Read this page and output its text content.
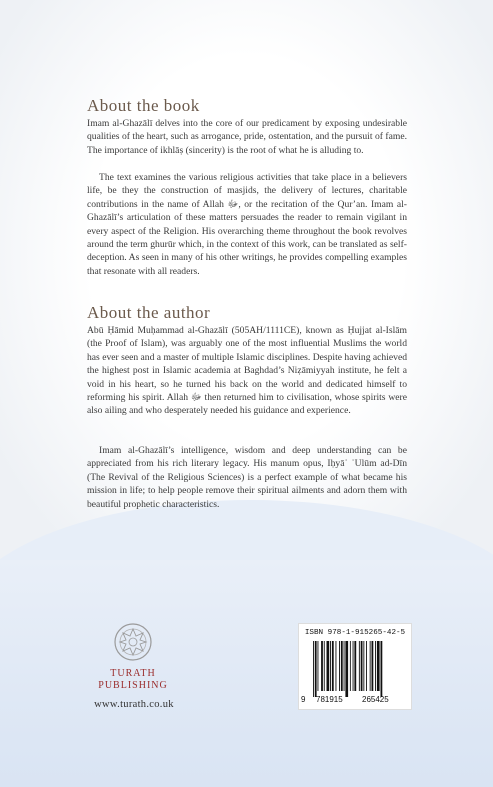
About the book

Imam al-Ghazālī delves into the core of our predicament by exposing undesirable qualities of the heart, such as arrogance, pride, ostentation, and the pursuit of fame. The importance of ikhlāṣ (sincerity) is the root of what he is alluding to.

The text examines the various religious activities that take place in a believers life, be they the construction of masjids, the delivery of lectures, charitable contributions in the name of Allah ﷻ, or the recitation of the Qur’an. Imam al-Ghazālī’s articulation of these matters persuades the reader to remain vigilant in every aspect of the Religion. His overarching theme throughout the book revolves around the term ghurūr which, in the context of this work, can be translated as self-deception. As seen in many of his other writings, he provides compelling examples that resonate with all readers.

About the author

Abū Ḥāmid Muḥammad al-Ghazālī (505AH/1111CE), known as Ḥujjat al-Islām (the Proof of Islam), was arguably one of the most influential Muslims the world has ever seen and a master of multiple Islamic disciplines. Despite having achieved the highest post in Islamic academia at Baghdad’s Niẓāmiyyah institute, he felt a void in his heart, so he turned his back on the world and dedicated himself to reforming his spirit. Allah ﷻ then returned him to civilisation, whose spirits were also ailing and who desperately needed his guidance and experience.

Imam al-Ghazālī’s intelligence, wisdom and deep understanding can be appreciated from his rich literary legacy. His manum opus, Iḥyāʾ ʿUlūm ad-Dīn (The Revival of the Religious Sciences) is a perfect example of what became his mission in life; to help people remove their spiritual ailments and adorn them with beautiful prophetic characteristics.

TURATH
PUBLISHING
www.turath.co.uk
ISBN 978-1-915265-42-5
9 781915 265425
